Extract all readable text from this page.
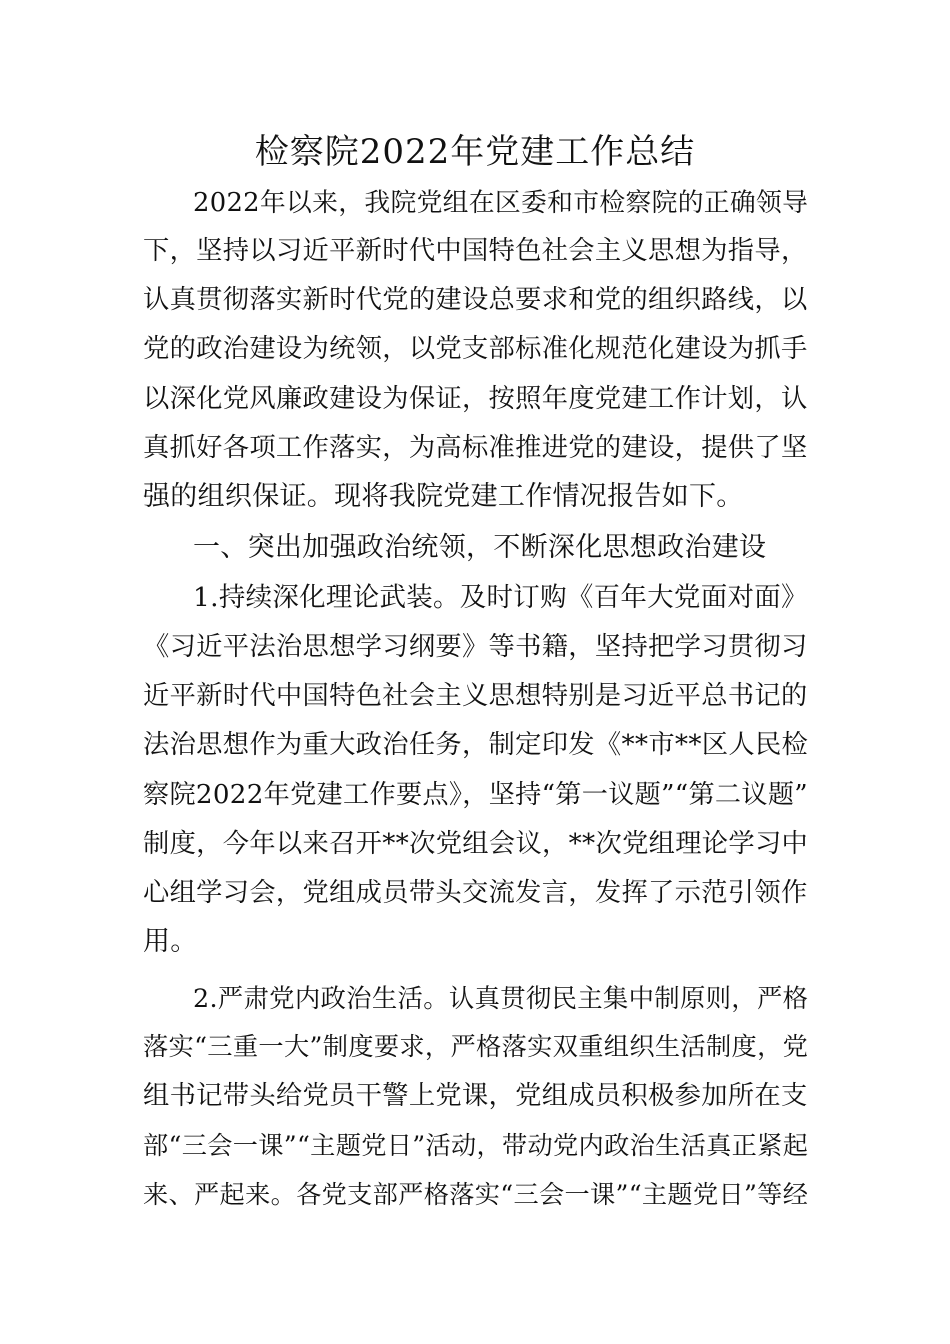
检察院2022年党建工作总结
2022年以来，我院党组在区委和市检察院的正确领导
下，坚持以习近平新时代中国特色社会主义思想为指导，
认真贯彻落实新时代党的建设总要求和党的组织路线，以
党的政治建设为统领，以党支部标准化规范化建设为抓手
以深化党风廉政建设为保证，按照年度党建工作计划，认
真抓好各项工作落实，为高标准推进党的建设，提供了坚
强的组织保证。现将我院党建工作情况报告如下。
一、突出加强政治统领，不断深化思想政治建设
1.持续深化理论武装。及时订购《百年大党面对面》
《习近平法治思想学习纲要》等书籍，坚持把学习贯彻习
近平新时代中国特色社会主义思想特别是习近平总书记的
法治思想作为重大政治任务，制定印发《**市**区人民检
察院2022年党建工作要点》，坚持“第一议题”“第二议题”
制度，今年以来召开**次党组会议，**次党组理论学习中
心组学习会，党组成员带头交流发言，发挥了示范引领作
用。
2.严肃党内政治生活。认真贯彻民主集中制原则，严格
落实“三重一大”制度要求，严格落实双重组织生活制度，党
组书记带头给党员干警上党课，党组成员积极参加所在支
部“三会一课”“主题党日”活动，带动党内政治生活真正紧起
来、严起来。各党支部严格落实“三会一课”“主题党日”等经
